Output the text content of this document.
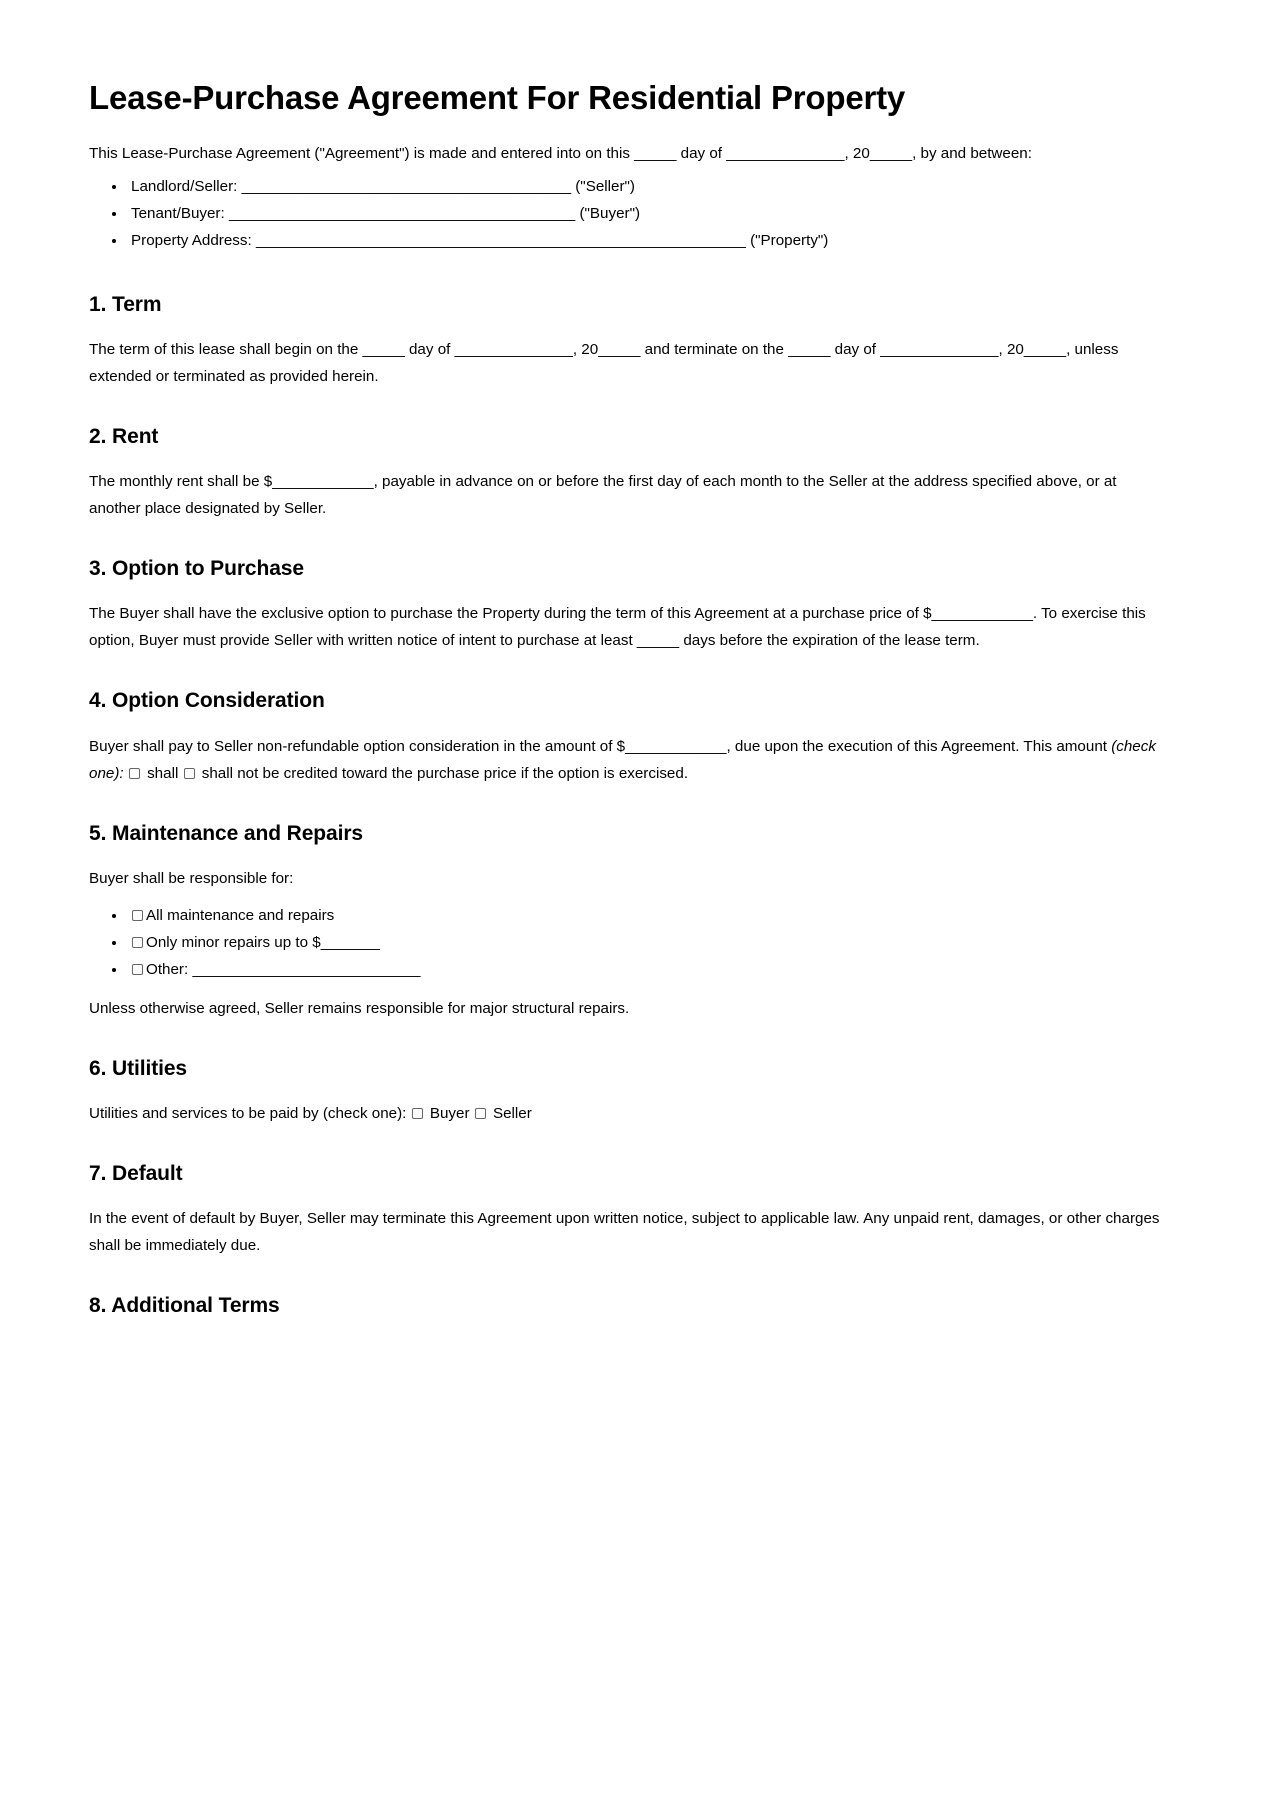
Lease-Purchase Agreement For Residential Property

This Lease-Purchase Agreement ("Agreement") is made and entered into on this _____ day of ______________, 20_____, by and between:

• Landlord/Seller: _______________________________________ ("Seller")
• Tenant/Buyer: _________________________________________ ("Buyer")
• Property Address: __________________________________________________________ ("Property")
1. Term

The term of this lease shall begin on the _____ day of ______________, 20_____ and terminate on the _____ day of ______________, 20_____, unless extended or terminated as provided herein.

2. Rent

The monthly rent shall be $____________, payable in advance on or before the first day of each month to the Seller at the address specified above, or at another place designated by Seller.

3. Option to Purchase

The Buyer shall have the exclusive option to purchase the Property during the term of this Agreement at a purchase price of $____________. To exercise this option, Buyer must provide Seller with written notice of intent to purchase at least _____ days before the expiration of the lease term.

4. Option Consideration

Buyer shall pay to Seller non-refundable option consideration in the amount of $____________, due upon the execution of this Agreement. This amount (check one):  shall  shall not be credited toward the purchase price if the option is exercised.

5. Maintenance and Repairs

Buyer shall be responsible for:

• All maintenance and repairs
• Only minor repairs up to $_______
• Other: ___________________________

Unless otherwise agreed, Seller remains responsible for major structural repairs.

6. Utilities

Utilities and services to be paid by (check one):  Buyer  Seller

7. Default

In the event of default by Buyer, Seller may terminate this Agreement upon written notice, subject to applicable law. Any unpaid rent, damages, or other charges shall be immediately due.

8. Additional Terms
